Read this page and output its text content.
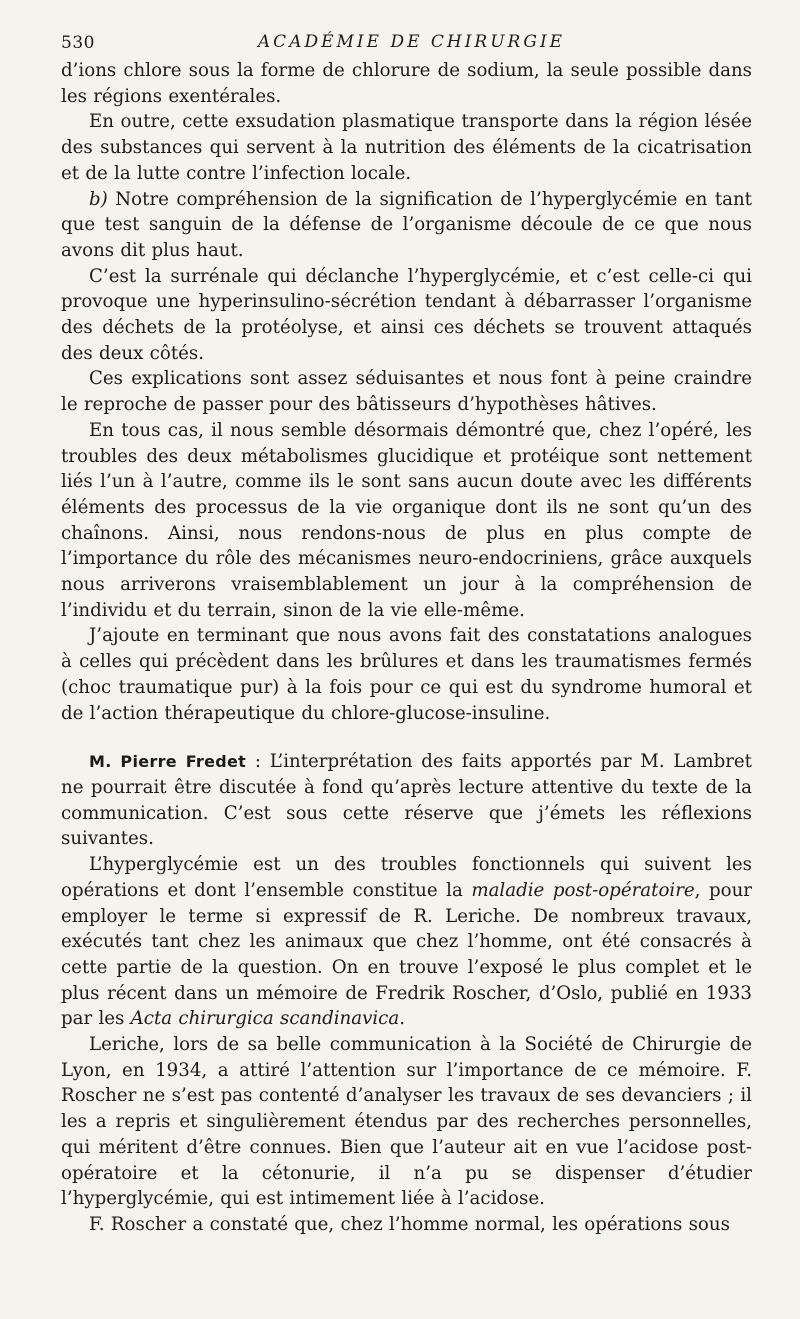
530	ACADÉMIE DE CHIRURGIE

d’ions chlore sous la forme de chlorure de sodium, la seule possible dans les régions exentérales.

En outre, cette exsudation plasmatique transporte dans la région lésée des substances qui servent à la nutrition des éléments de la cicatrisation et de la lutte contre l’infection locale.

b) Notre compréhension de la signification de l’hyperglycémie en tant que test sanguin de la défense de l’organisme découle de ce que nous avons dit plus haut.

C’est la surrénale qui déclanche l’hyperglycémie, et c’est celle-ci qui provoque une hyperinsulino-sécrétion tendant à débarrasser l’organisme des déchets de la protéolyse, et ainsi ces déchets se trouvent attaqués des deux côtés.

Ces explications sont assez séduisantes et nous font à peine craindre le reproche de passer pour des bâtisseurs d’hypothèses hâtives.

En tous cas, il nous semble désormais démontré que, chez l’opéré, les troubles des deux métabolismes glucidique et protéique sont nettement liés l’un à l’autre, comme ils le sont sans aucun doute avec les différents éléments des processus de la vie organique dont ils ne sont qu’un des chaînons. Ainsi, nous rendons-nous de plus en plus compte de l’importance du rôle des mécanismes neuro-endocriniens, grâce auxquels nous arriverons vraisemblablement un jour à la compréhension de l’individu et du terrain, sinon de la vie elle-même.

J’ajoute en terminant que nous avons fait des constatations analogues à celles qui précèdent dans les brûlures et dans les traumatismes fermés (choc traumatique pur) à la fois pour ce qui est du syndrome humoral et de l’action thérapeutique du chlore-glucose-insuline.

M. Pierre Fredet : L’interprétation des faits apportés par M. Lambret ne pourrait être discutée à fond qu’après lecture attentive du texte de la communication. C’est sous cette réserve que j’émets les réflexions suivantes.

L’hyperglycémie est un des troubles fonctionnels qui suivent les opérations et dont l’ensemble constitue la maladie post-opératoire, pour employer le terme si expressif de R. Leriche. De nombreux travaux, exécutés tant chez les animaux que chez l’homme, ont été consacrés à cette partie de la question. On en trouve l’exposé le plus complet et le plus récent dans un mémoire de Fredrik Roscher, d’Oslo, publié en 1933 par les Acta chirurgica scandinavica.

Leriche, lors de sa belle communication à la Société de Chirurgie de Lyon, en 1934, a attiré l’attention sur l’importance de ce mémoire. F. Roscher ne s’est pas contenté d’analyser les travaux de ses devanciers ; il les a repris et singulièrement étendus par des recherches personnelles, qui méritent d’être connues. Bien que l’auteur ait en vue l’acidose post-opératoire et la cétonurie, il n’a pu se dispenser d’étudier l’hyperglycémie, qui est intimement liée à l’acidose.

F. Roscher a constaté que, chez l’homme normal, les opérations sous
